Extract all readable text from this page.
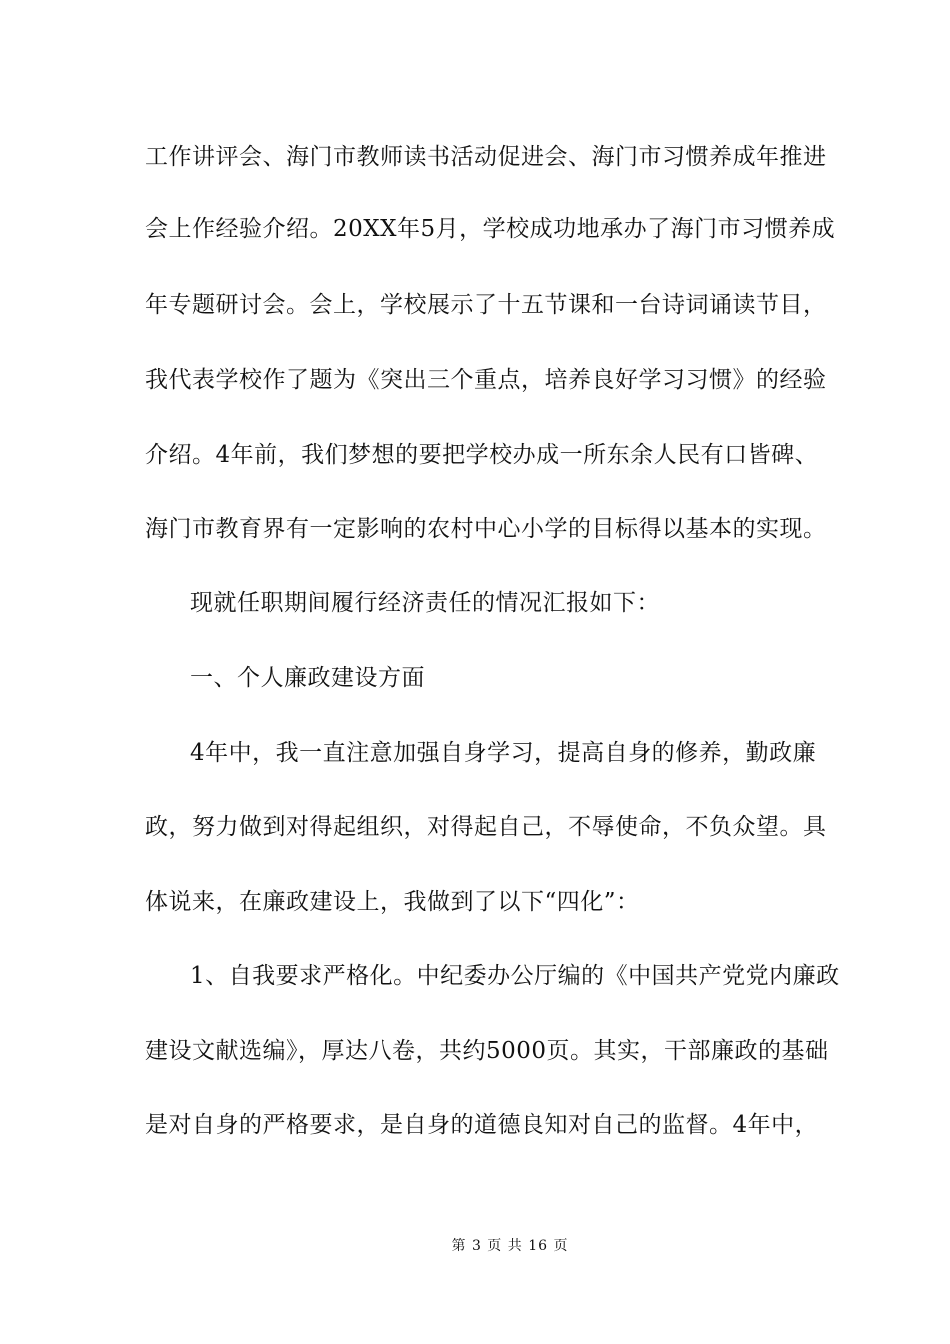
工作讲评会、海门市教师读书活动促进会、海门市习惯养成年推进
会上作经验介绍。20XX年5月，学校成功地承办了海门市习惯养成
年专题研讨会。会上，学校展示了十五节课和一台诗词诵读节目，
我代表学校作了题为《突出三个重点，培养良好学习习惯》的经验
介绍。4年前，我们梦想的要把学校办成一所东余人民有口皆碑、
海门市教育界有一定影响的农村中心小学的目标得以基本的实现。
现就任职期间履行经济责任的情况汇报如下：
一、个人廉政建设方面
4年中，我一直注意加强自身学习，提高自身的修养，勤政廉
政，努力做到对得起组织，对得起自己，不辱使命，不负众望。具
体说来，在廉政建设上，我做到了以下“四化”：
1、自我要求严格化。中纪委办公厅编的《中国共产党党内廉政
建设文献选编》，厚达八卷，共约5000页。其实，干部廉政的基础
是对自身的严格要求，是自身的道德良知对自己的监督。4年中，
第 3 页 共 16 页
